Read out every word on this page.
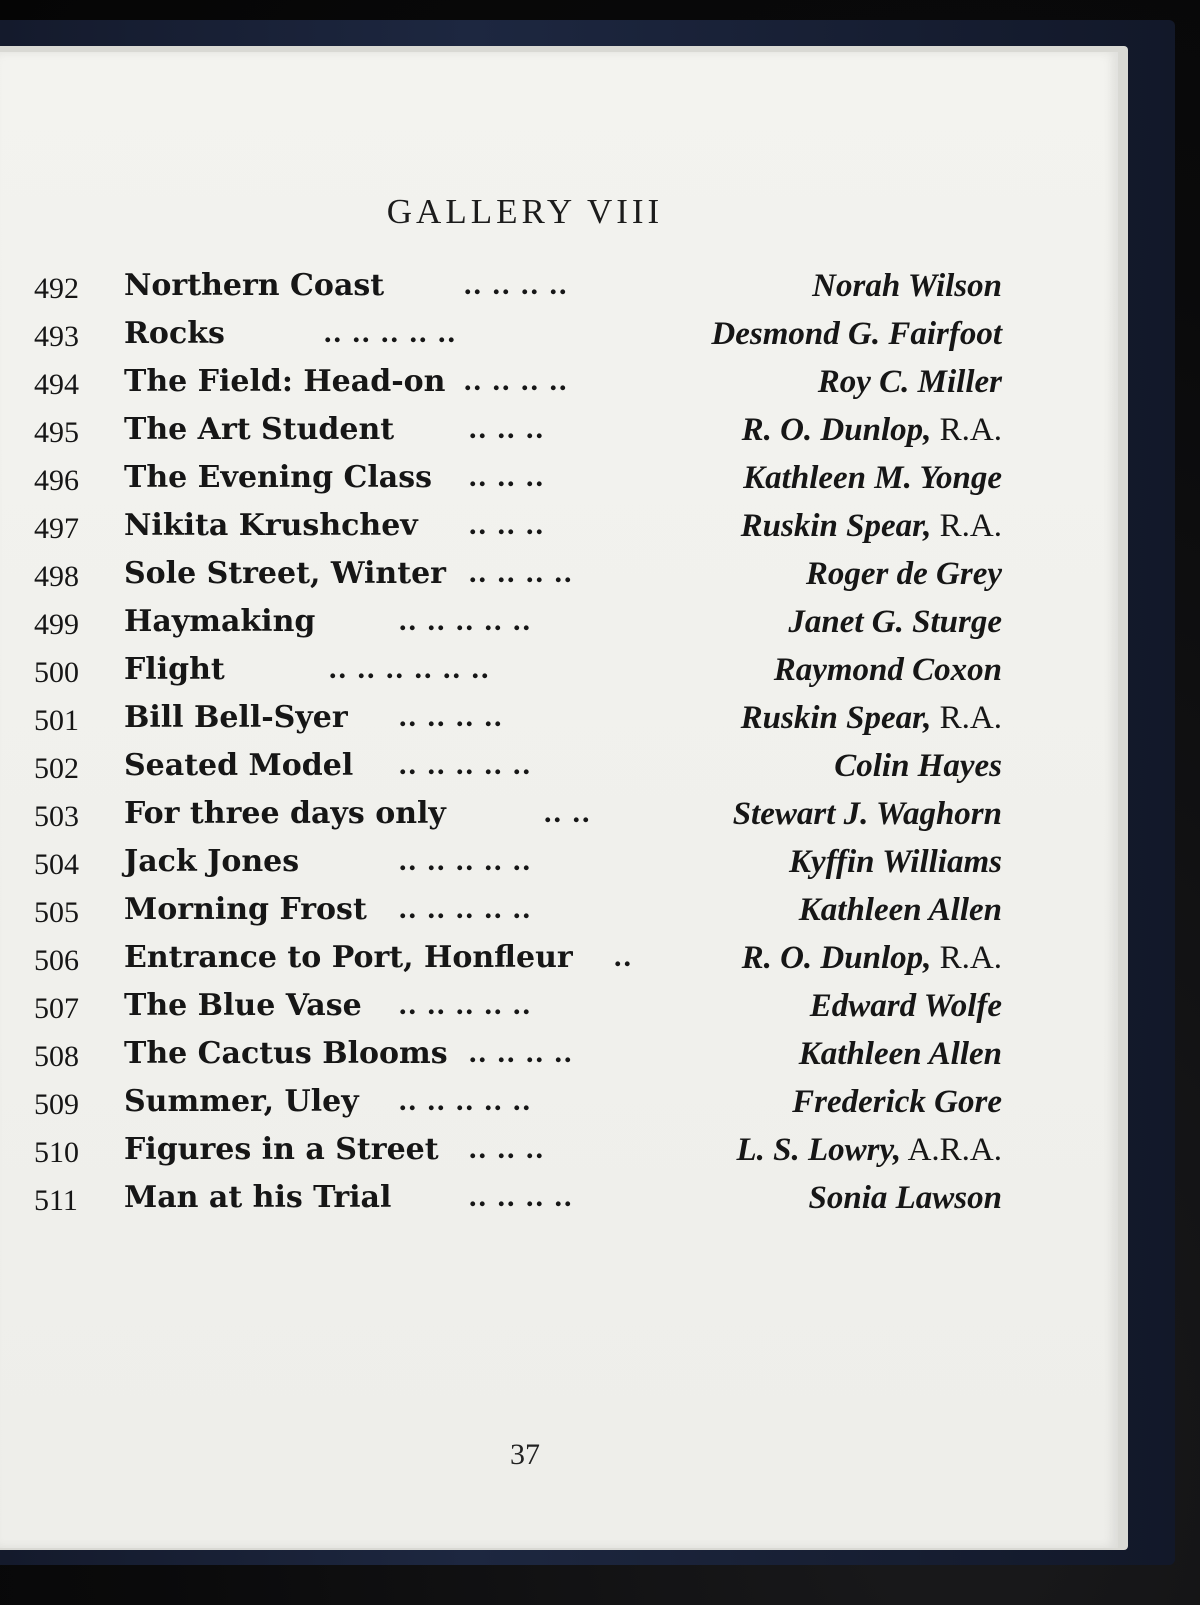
GALLERY VIII
492 Northern Coast	.. .. .. ..	Norah Wilson
493 Rocks	.. .. .. .. ..	Desmond G. Fairfoot
494 The Field: Head-on .. .. .. ..	Roy C. Miller
495 The Art Student .. .. ..	R. O. Dunlop, R.A.
496 The Evening Class .. .. ..	Kathleen M. Yonge
497 Nikita Krushchev .. .. ..	Ruskin Spear, R.A.
498 Sole Street, Winter .. .. .. ..	Roger de Grey
499 Haymaking	.. .. .. .. ..	Janet G. Sturge
500 Flight	.. .. .. .. .. ..	Raymond Coxon
501 Bill Bell-Syer .. .. .. ..	Ruskin Spear, R.A.
502 Seated Model .. .. .. .. ..	Colin Hayes
503 For three days only	.. ..	Stewart J. Waghorn
504 Jack Jones	.. .. .. .. ..	Kyffin Williams
505 Morning Frost .. .. .. .. ..	Kathleen Allen
506 Entrance to Port, Honfleur ..	R. O. Dunlop, R.A.
507 The Blue Vase .. .. .. .. ..	Edward Wolfe
508 The Cactus Blooms .. .. .. ..	Kathleen Allen
509 Summer, Uley .. .. .. .. ..	Frederick Gore
510 Figures in a Street .. .. ..	L. S. Lowry, A.R.A.
511 Man at his Trial	.. .. .. ..	Sonia Lawson
37
